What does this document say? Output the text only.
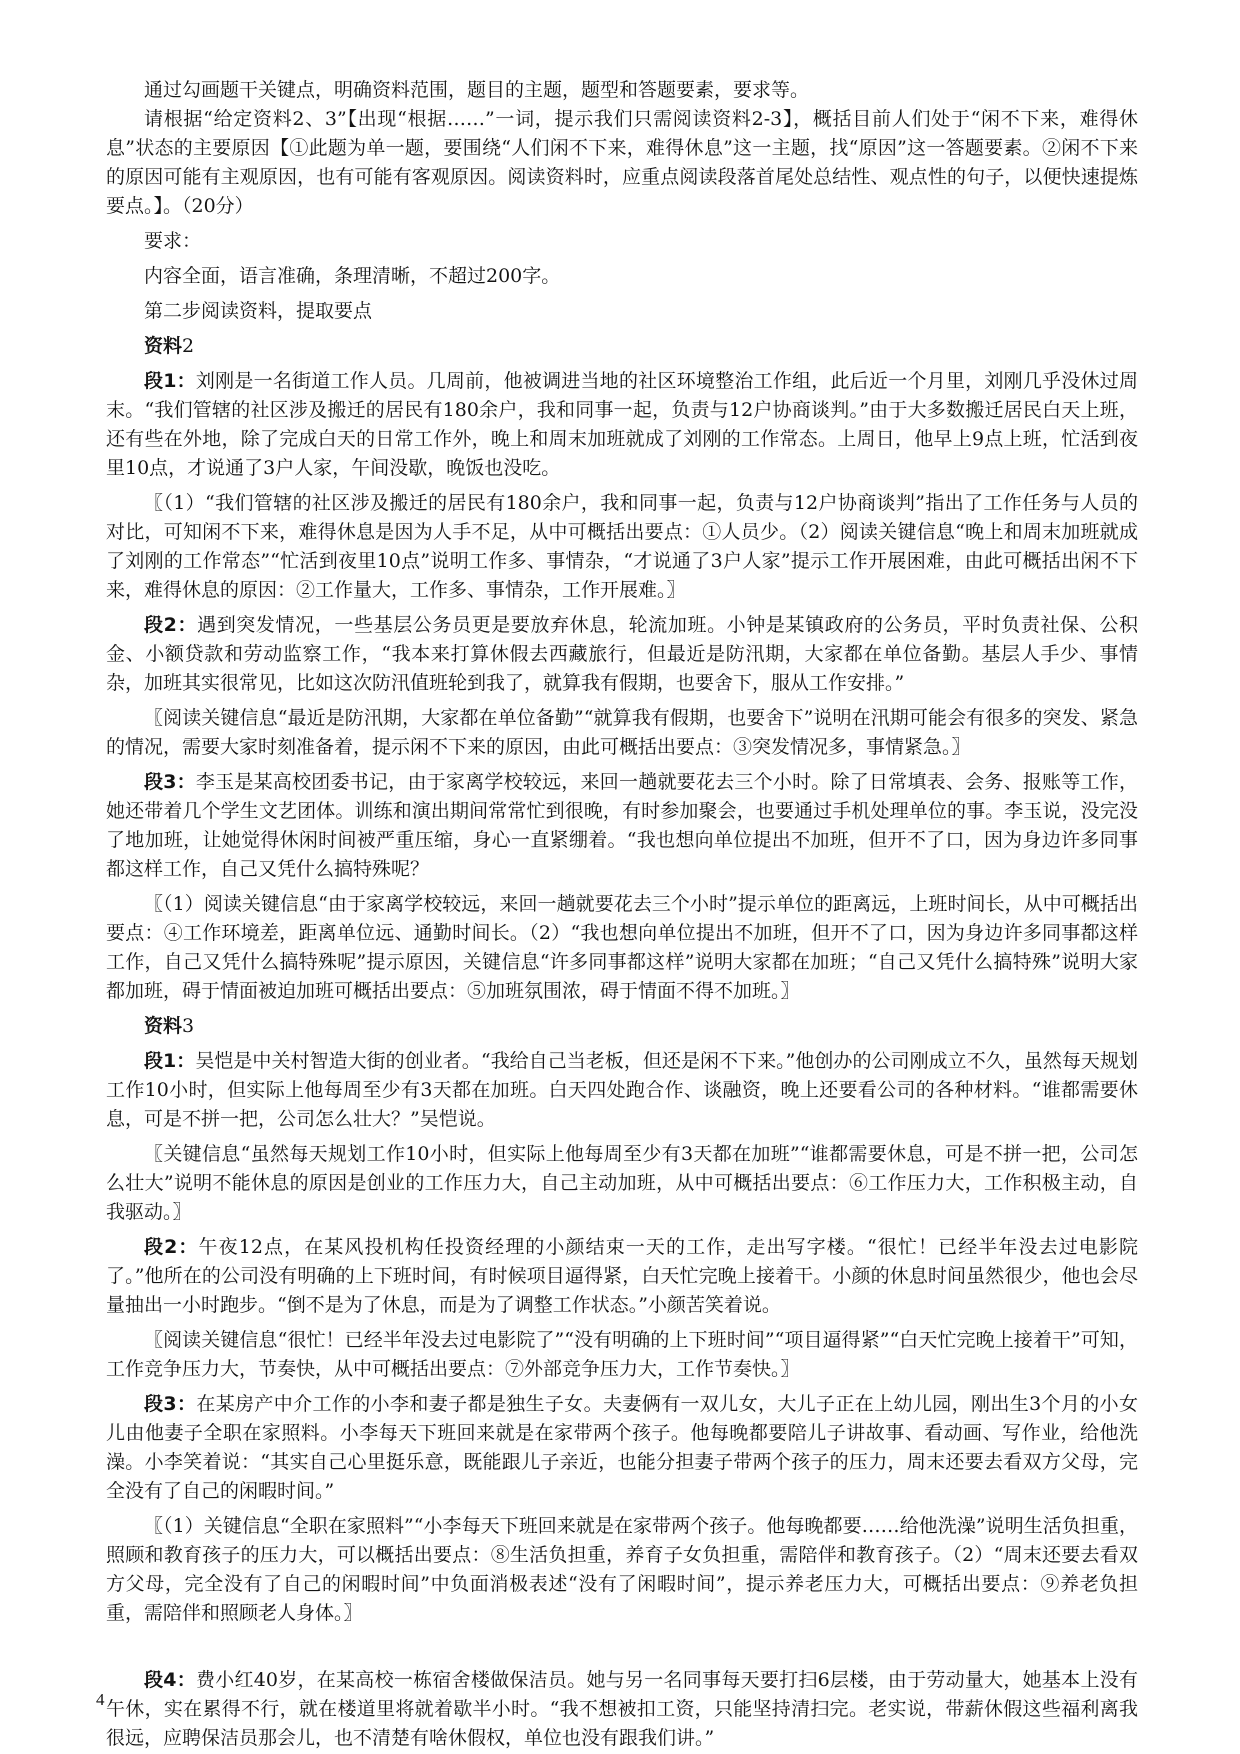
通过勾画题干关键点，明确资料范围，题目的主题，题型和答题要素，要求等。

请根据“给定资料2、3”【出现“根据……”一词，提示我们只需阅读资料2-3】，概括目前人们处于“闲不下来，难得休息”状态的主要原因【①此题为单一题，要围绕“人们闲不下来，难得休息”这一主题，找“原因”这一答题要素。②闲不下来的原因可能有主观原因，也有可能有客观原因。阅读资料时，应重点阅读段落首尾处总结性、观点性的句子，以便快速提炼要点。】。（20分）

要求：

内容全面，语言准确，条理清晰，不超过200字。

第二步阅读资料，提取要点

资料2

段1：刘刚是一名街道工作人员。几周前，他被调进当地的社区环境整治工作组，此后近一个月里，刘刚几乎没休过周末。“我们管辖的社区涉及搬迁的居民有180余户，我和同事一起，负责与12户协商谈判。”由于大多数搬迁居民白天上班，还有些在外地，除了完成白天的日常工作外，晚上和周末加班就成了刘刚的工作常态。上周日，他早上9点上班，忙活到夜里10点，才说通了3户人家，午间没歇，晚饭也没吃。

〖（1）“我们管辖的社区涉及搬迁的居民有180余户，我和同事一起，负责与12户协商谈判”指出了工作任务与人员的对比，可知闲不下来，难得休息是因为人手不足，从中可概括出要点：①人员少。（2）阅读关键信息“晚上和周末加班就成了刘刚的工作常态”“忙活到夜里10点”说明工作多、事情杂，“才说通了3户人家”提示工作开展困难，由此可概括出闲不下来，难得休息的原因：②工作量大，工作多、事情杂，工作开展难。〗

段2：遇到突发情况，一些基层公务员更是要放弃休息，轮流加班。小钟是某镇政府的公务员，平时负责社保、公积金、小额贷款和劳动监察工作，“我本来打算休假去西藏旅行，但最近是防汛期，大家都在单位备勤。基层人手少、事情杂，加班其实很常见，比如这次防汛值班轮到我了，就算我有假期，也要舍下，服从工作安排。”

〖阅读关键信息“最近是防汛期，大家都在单位备勤”“就算我有假期，也要舍下”说明在汛期可能会有很多的突发、紧急的情况，需要大家时刻准备着，提示闲不下来的原因，由此可概括出要点：③突发情况多，事情紧急。〗

段3：李玉是某高校团委书记，由于家离学校较远，来回一趟就要花去三个小时。除了日常填表、会务、报账等工作，她还带着几个学生文艺团体。训练和演出期间常常忙到很晚，有时参加聚会，也要通过手机处理单位的事。李玉说，没完没了地加班，让她觉得休闲时间被严重压缩，身心一直紧绷着。“我也想向单位提出不加班，但开不了口，因为身边许多同事都这样工作，自己又凭什么搞特殊呢？

〖（1）阅读关键信息“由于家离学校较远，来回一趟就要花去三个小时”提示单位的距离远，上班时间长，从中可概括出要点：④工作环境差，距离单位远、通勤时间长。（2）“我也想向单位提出不加班，但开不了口，因为身边许多同事都这样工作，自己又凭什么搞特殊呢”提示原因，关键信息“许多同事都这样”说明大家都在加班；“自己又凭什么搞特殊”说明大家都加班，碍于情面被迫加班可概括出要点：⑤加班氛围浓，碍于情面不得不加班。〗

资料3

段1：吴恺是中关村智造大街的创业者。“我给自己当老板，但还是闲不下来。”他创办的公司刚成立不久，虽然每天规划工作10小时，但实际上他每周至少有3天都在加班。白天四处跑合作、谈融资，晚上还要看公司的各种材料。“谁都需要休息，可是不拼一把，公司怎么壮大？”吴恺说。

〖关键信息“虽然每天规划工作10小时，但实际上他每周至少有3天都在加班”“谁都需要休息，可是不拼一把，公司怎么壮大”说明不能休息的原因是创业的工作压力大，自己主动加班，从中可概括出要点：⑥工作压力大，工作积极主动，自我驱动。〗

段2：午夜12点，在某风投机构任投资经理的小颜结束一天的工作，走出写字楼。“很忙！已经半年没去过电影院了。”他所在的公司没有明确的上下班时间，有时候项目逼得紧，白天忙完晚上接着干。小颜的休息时间虽然很少，他也会尽量抽出一小时跑步。“倒不是为了休息，而是为了调整工作状态。”小颜苦笑着说。

〖阅读关键信息“很忙！已经半年没去过电影院了”“没有明确的上下班时间”“项目逼得紧”“白天忙完晚上接着干”可知，工作竞争压力大，节奏快，从中可概括出要点：⑦外部竞争压力大，工作节奏快。〗

段3：在某房产中介工作的小李和妻子都是独生子女。夫妻俩有一双儿女，大儿子正在上幼儿园，刚出生3个月的小女儿由他妻子全职在家照料。小李每天下班回来就是在家带两个孩子。他每晚都要陪儿子讲故事、看动画、写作业，给他洗澡。小李笑着说：“其实自己心里挺乐意，既能跟儿子亲近，也能分担妻子带两个孩子的压力，周末还要去看双方父母，完全没有了自己的闲暇时间。”

〖（1）关键信息“全职在家照料”“小李每天下班回来就是在家带两个孩子。他每晚都要……给他洗澡”说明生活负担重，照顾和教育孩子的压力大，可以概括出要点：⑧生活负担重，养育子女负担重，需陪伴和教育孩子。（2）“周末还要去看双方父母，完全没有了自己的闲暇时间”中负面消极表述“没有了闲暇时间”，提示养老压力大，可概括出要点：⑨养老负担重，需陪伴和照顾老人身体。〗

段4：费小红40岁，在某高校一栋宿舍楼做保洁员。她与另一名同事每天要打扫6层楼，由于劳动量大，她基本上没有午休，实在累得不行，就在楼道里将就着歇半小时。“我不想被扣工资，只能坚持清扫完。老实说，带薪休假这些福利离我很远，应聘保洁员那会儿，也不清楚有啥休假权，单位也没有跟我们讲。”

4
